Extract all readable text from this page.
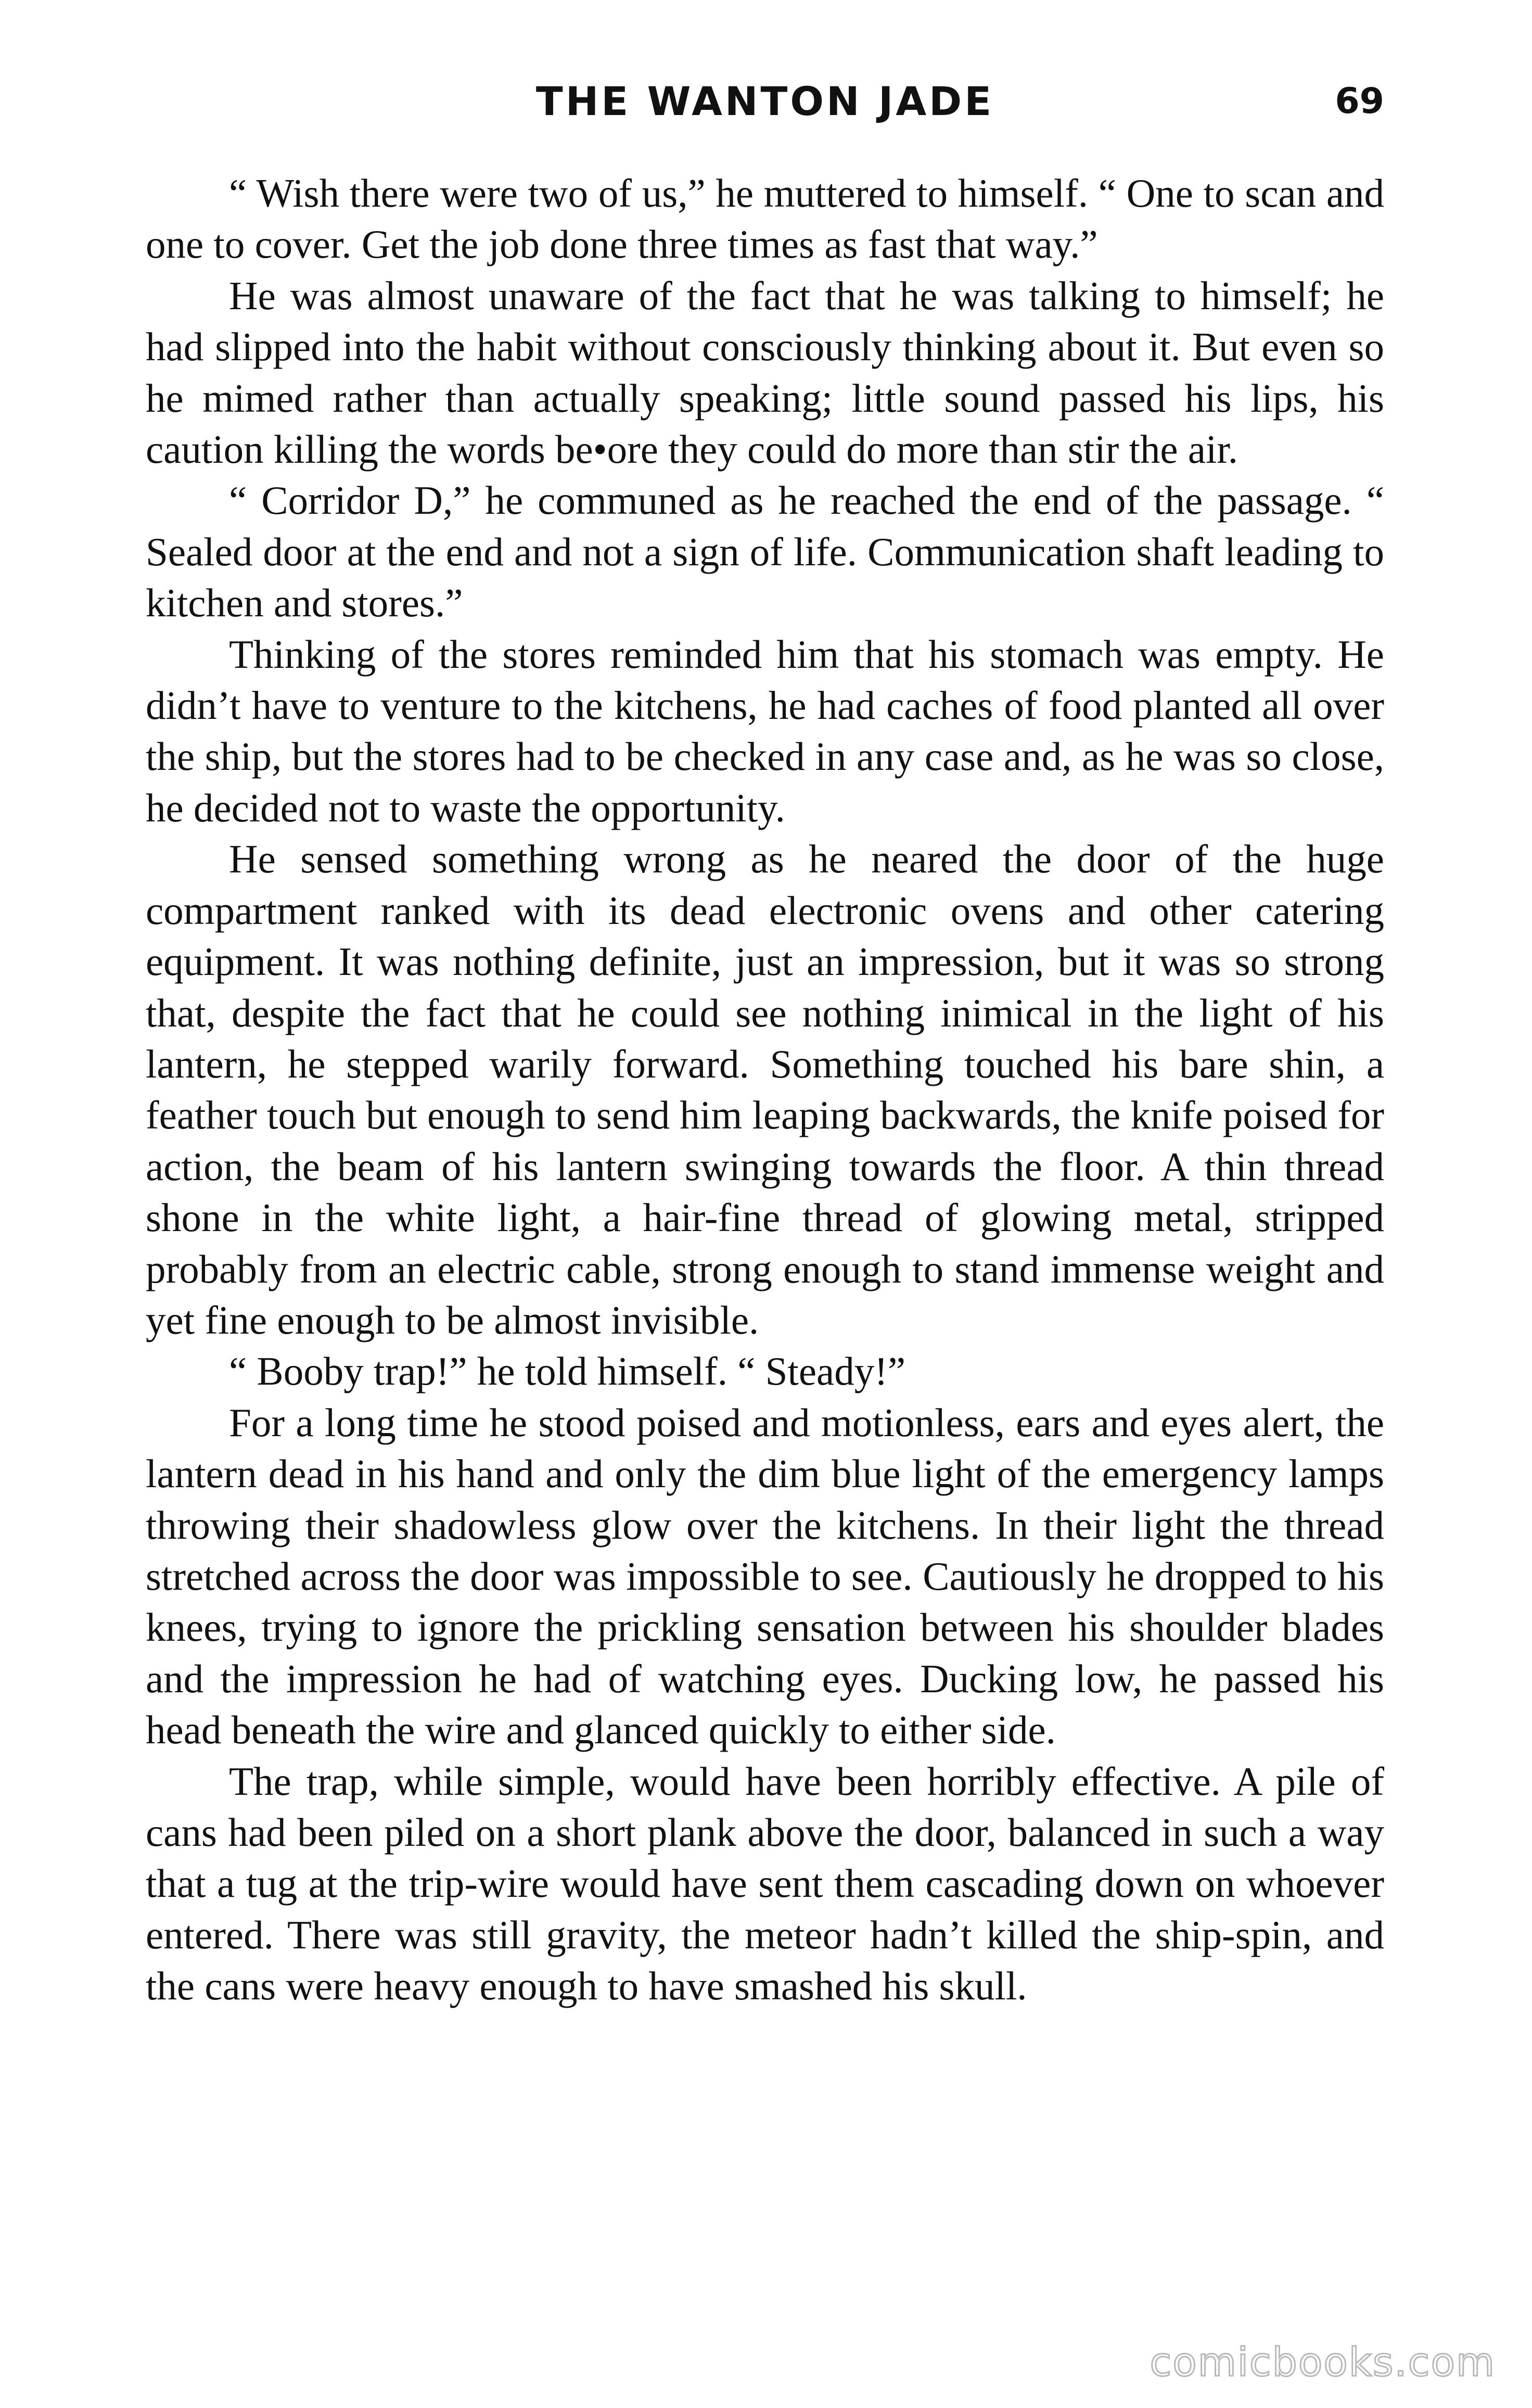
THE WANTON JADE	69

“ Wish there were two of us,” he muttered to himself. “ One to scan and one to cover. Get the job done three times as fast that way.”

He was almost unaware of the fact that he was talking to himself; he had slipped into the habit without consciously thinking about it. But even so he mimed rather than actually speaking; little sound passed his lips, his caution killing the words be•ore they could do more than stir the air.

“ Corridor D,” he communed as he reached the end of the passage. “ Sealed door at the end and not a sign of life. Communication shaft leading to kitchen and stores.”

Thinking of the stores reminded him that his stomach was empty. He didn’t have to venture to the kitchens, he had caches of food planted all over the ship, but the stores had to be checked in any case and, as he was so close, he decided not to waste the opportunity.

He sensed something wrong as he neared the door of the huge compartment ranked with its dead electronic ovens and other catering equipment. It was nothing definite, just an impression, but it was so strong that, despite the fact that he could see nothing inimical in the light of his lantern, he stepped warily forward. Something touched his bare shin, a feather touch but enough to send him leaping backwards, the knife poised for action, the beam of his lantern swinging towards the floor. A thin thread shone in the white light, a hair-fine thread of glowing metal, stripped probably from an electric cable, strong enough to stand immense weight and yet fine enough to be almost invisible.

“ Booby trap!” he told himself. “ Steady!”

For a long time he stood poised and motionless, ears and eyes alert, the lantern dead in his hand and only the dim blue light of the emergency lamps throwing their shadowless glow over the kitchens. In their light the thread stretched across the door was impossible to see. Cautiously he dropped to his knees, trying to ignore the prickling sensation between his shoulder blades and the impression he had of watching eyes. Ducking low, he passed his head beneath the wire and glanced quickly to either side.

The trap, while simple, would have been horribly effective. A pile of cans had been piled on a short plank above the door, balanced in such a way that a tug at the trip-wire would have sent them cascading down on whoever entered. There was still gravity, the meteor hadn’t killed the ship-spin, and the cans were heavy enough to have smashed his skull.

comicbooks.com
